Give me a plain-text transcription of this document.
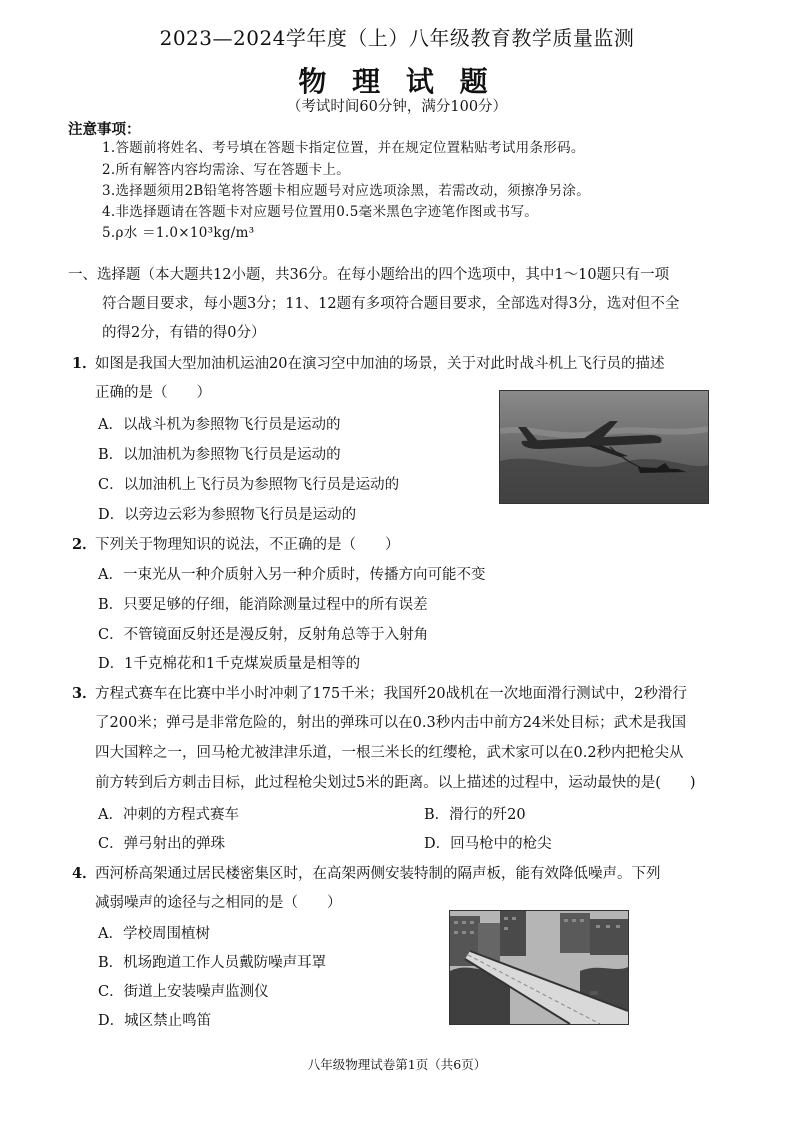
2023—2024学年度（上）八年级教育教学质量监测
物 理 试 题
（考试时间60分钟，满分100分）
注意事项：
1.答题前将姓名、考号填在答题卡指定位置，并在规定位置粘贴考试用条形码。
2.所有解答内容均需涂、写在答题卡上。
3.选择题须用2B铅笔将答题卡相应题号对应选项涂黑，若需改动，须擦净另涂。
4.非选择题请在答题卡对应题号位置用0.5毫米黑色字迹笔作图或书写。
5.ρ水 ＝1.0×10³kg/m³
一、选择题（本大题共12小题，共36分。在每小题给出的四个选项中，其中1～10题只有一项
符合题目要求，每小题3分；11、12题有多项符合题目要求，全部选对得3分，选对但不全
的得2分，有错的得0分）
1．
如图是我国大型加油机运油20在演习空中加油的场景，关于对此时战斗机上飞行员的描述
正确的是（　　）
A．以战斗机为参照物飞行员是运动的
B．以加油机为参照物飞行员是运动的
C．以加油机上飞行员为参照物飞行员是运动的
D．以旁边云彩为参照物飞行员是运动的
2．
下列关于物理知识的说法，不正确的是（　　）
A．一束光从一种介质射入另一种介质时，传播方向可能不变
B．只要足够的仔细，能消除测量过程中的所有误差
C．不管镜面反射还是漫反射，反射角总等于入射角
D．1千克棉花和1千克煤炭质量是相等的
3．
方程式赛车在比赛中半小时冲刺了175千米；我国歼20战机在一次地面滑行测试中，2秒滑行
了200米；弹弓是非常危险的，射出的弹珠可以在0.3秒内击中前方24米处目标；武术是我国
四大国粹之一，回马枪尤被津津乐道，一根三米长的红缨枪，武术家可以在0.2秒内把枪尖从
前方转到后方刺击目标，此过程枪尖划过5米的距离。以上描述的过程中，运动最快的是(　　)
A．冲刺的方程式赛车	B．滑行的歼20
C．弹弓射出的弹珠	D．回马枪中的枪尖
4．
西河桥高架通过居民楼密集区时，在高架两侧安装特制的隔声板，能有效降低噪声。下列
减弱噪声的途径与之相同的是（　　）
A．学校周围植树
B．机场跑道工作人员戴防噪声耳罩
C．街道上安装噪声监测仪
D．城区禁止鸣笛
八年级物理试卷第1页（共6页）
